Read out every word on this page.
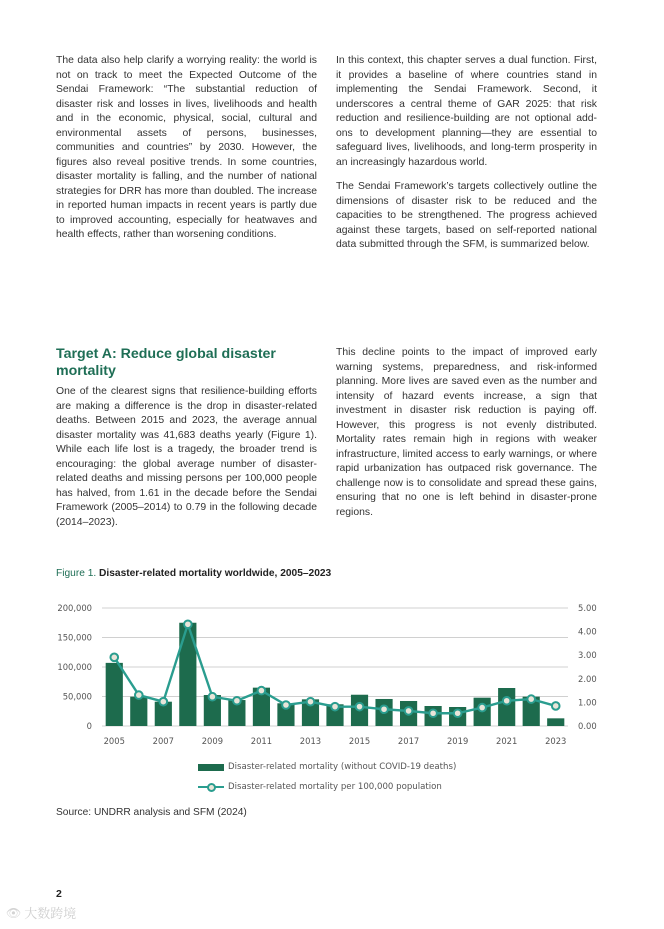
The data also help clarify a worrying reality: the world is not on track to meet the Expected Outcome of the Sendai Framework: “The substantial reduction of disaster risk and losses in lives, livelihoods and health and in the economic, physical, social, cultural and environmental assets of persons, businesses, communities and countries” by 2030. However, the figures also reveal positive trends. In some countries, disaster mortality is falling, and the number of national strategies for DRR has more than doubled. The increase in reported human impacts in recent years is partly due to improved accounting, especially for heatwaves and health effects, rather than worsening conditions.

In this context, this chapter serves a dual function. First, it provides a baseline of where countries stand in implementing the Sendai Framework. Second, it underscores a central theme of GAR 2025: that risk reduction and resilience-building are not optional add-ons to development planning—they are essential to safeguard lives, livelihoods, and long-term prosperity in an increasingly hazardous world.

The Sendai Framework’s targets collectively outline the dimensions of disaster risk to be reduced and the capacities to be strengthened. The progress achieved against these targets, based on self-reported national data submitted through the SFM, is summarized below.

Target A: Reduce global disaster mortality

One of the clearest signs that resilience-building efforts are making a difference is the drop in disaster-related deaths. Between 2015 and 2023, the average annual disaster mortality was 41,683 deaths yearly (Figure 1). While each life lost is a tragedy, the broader trend is encouraging: the global average number of disaster-related deaths and missing persons per 100,000 people has halved, from 1.61 in the decade before the Sendai Framework (2005–2014) to 0.79 in the following decade (2014–2023).

This decline points to the impact of improved early warning systems, preparedness, and risk-informed planning. More lives are saved even as the number and intensity of hazard events increase, a sign that investment in disaster risk reduction is paying off. However, this progress is not evenly distributed. Mortality rates remain high in regions with weaker infrastructure, limited access to early warnings, or where rapid urbanization has outpaced risk governance. The challenge now is to consolidate and spread these gains, ensuring that no one is left behind in disaster-prone regions.

Figure 1. Disaster-related mortality worldwide, 2005–2023
0
50,000
100,000
150,000
200,000
0.00
1.00
2.00
3.00
4.00
5.00
2005	2007	2009	2011	2013	2015	2017	2019	2021	2023
Disaster-related mortality (without COVID-19 deaths)
Disaster-related mortality per 100,000 population
Source: UNDRR analysis and SFM (2024)
2
👁 大数跨境
